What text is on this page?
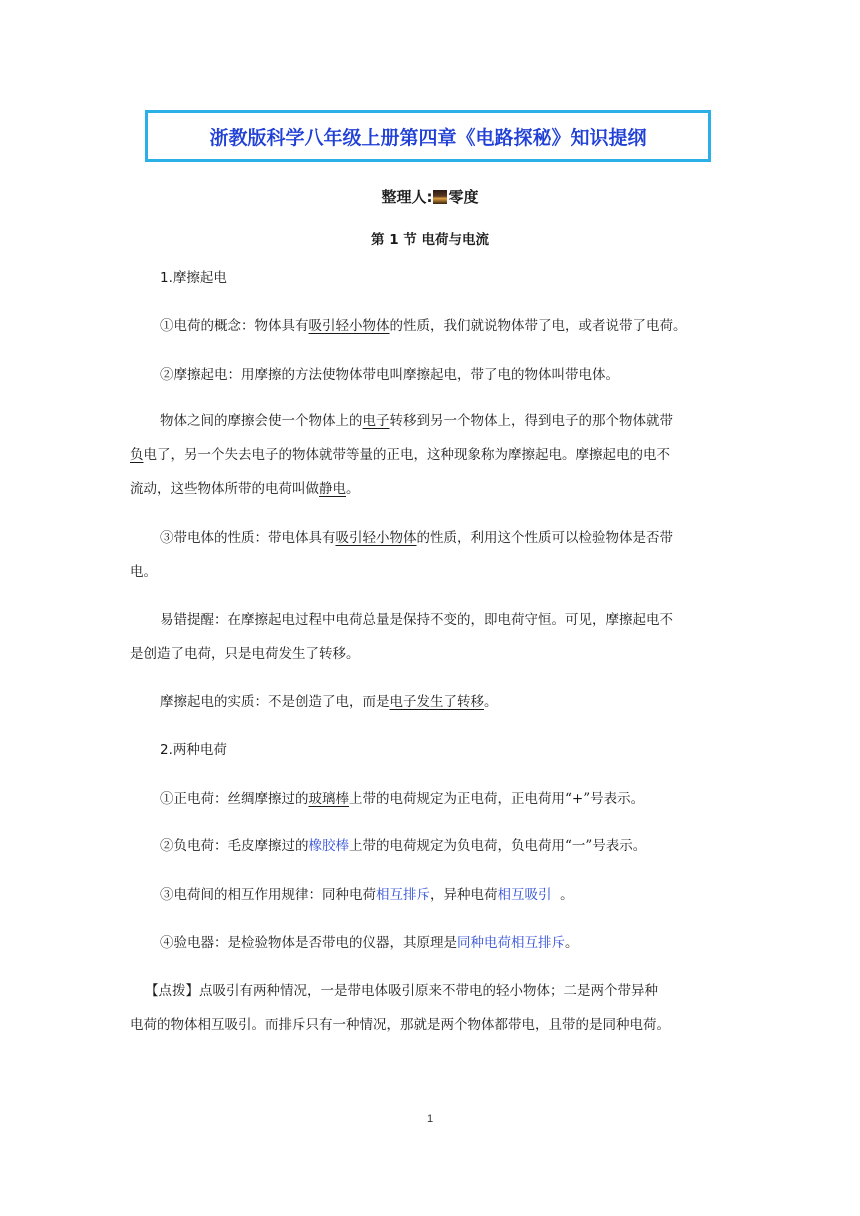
浙教版科学八年级上册第四章《电路探秘》知识提纲
整理人: 零度
第 1 节 电荷与电流
1.摩擦起电
①电荷的概念：物体具有吸引轻小物体的性质，我们就说物体带了电，或者说带了电荷。
②摩擦起电：用摩擦的方法使物体带电叫摩擦起电，带了电的物体叫带电体。
物体之间的摩擦会使一个物体上的电子转移到另一个物体上，得到电子的那个物体就带
负电了，另一个失去电子的物体就带等量的正电，这种现象称为摩擦起电。摩擦起电的电不
流动，这些物体所带的电荷叫做静电。
③带电体的性质：带电体具有吸引轻小物体的性质，利用这个性质可以检验物体是否带
电。
易错提醒：在摩擦起电过程中电荷总量是保持不变的，即电荷守恒。可见，摩擦起电不
是创造了电荷，只是电荷发生了转移。
摩擦起电的实质：不是创造了电，而是电子发生了转移。
2.两种电荷
①正电荷：丝绸摩擦过的玻璃棒上带的电荷规定为正电荷，正电荷用“+”号表示。
②负电荷：毛皮摩擦过的橡胶棒上带的电荷规定为负电荷，负电荷用“一”号表示。
③电荷间的相互作用规律：同种电荷相互排斥，异种电荷相互吸引  。
④验电器：是检验物体是否带电的仪器，其原理是同种电荷相互排斥。
【点拨】点吸引有两种情况，一是带电体吸引原来不带电的轻小物体；二是两个带异种
电荷的物体相互吸引。而排斥只有一种情况，那就是两个物体都带电，且带的是同种电荷。
1
